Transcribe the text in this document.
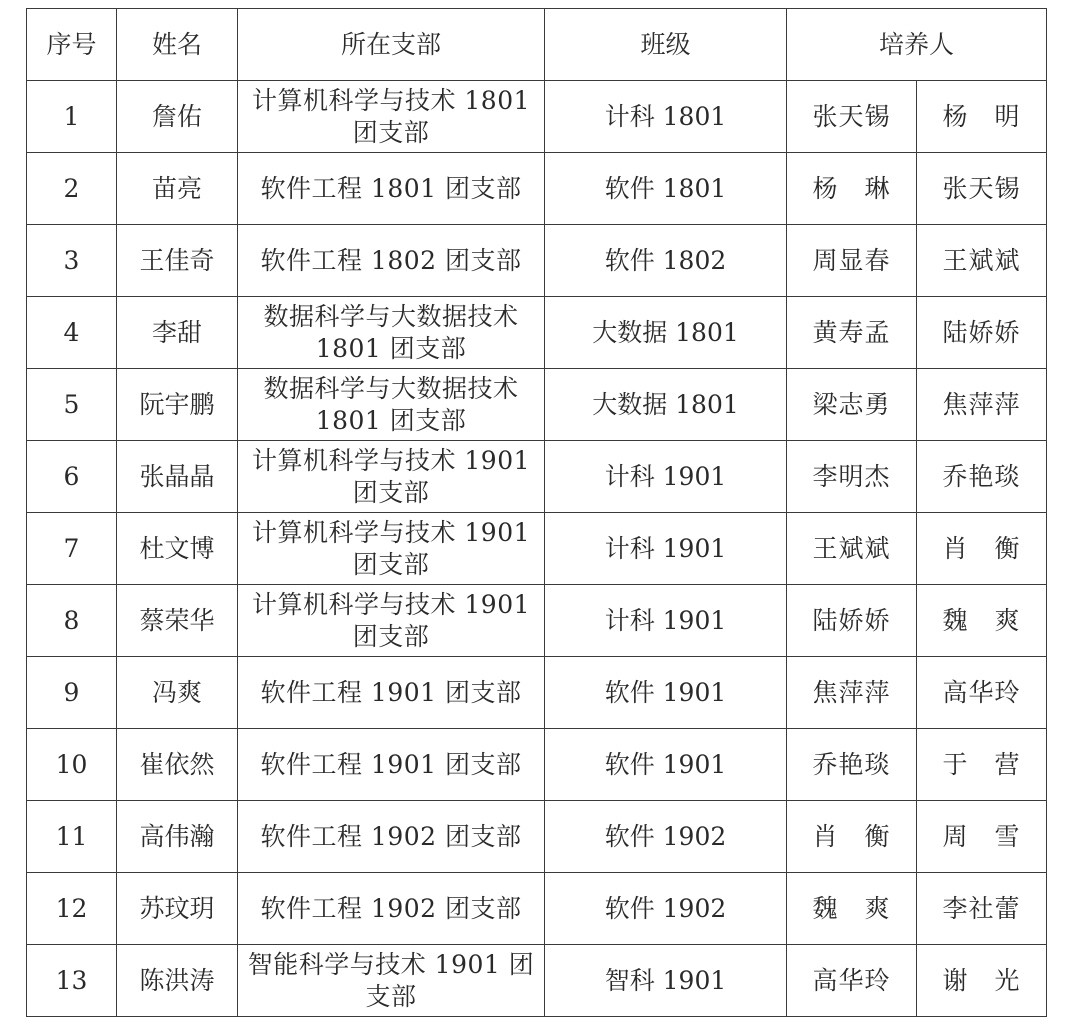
序号	姓名	所在支部	班级	培养人	
1	詹佑	计算机科学与技术 1801 团支部	计科 1801	张天锡	杨　明
2	苗亮	软件工程 1801 团支部	软件 1801	杨　琳	张天锡
3	王佳奇	软件工程 1802 团支部	软件 1802	周显春	王斌斌
4	李甜	数据科学与大数据技术 1801 团支部	大数据 1801	黄寿孟	陆娇娇
5	阮宇鹏	数据科学与大数据技术 1801 团支部	大数据 1801	梁志勇	焦萍萍
6	张晶晶	计算机科学与技术 1901 团支部	计科 1901	李明杰	乔艳琰
7	杜文博	计算机科学与技术 1901 团支部	计科 1901	王斌斌	肖　衡
8	蔡荣华	计算机科学与技术 1901 团支部	计科 1901	陆娇娇	魏　爽
9	冯爽	软件工程 1901 团支部	软件 1901	焦萍萍	高华玲
10	崔依然	软件工程 1901 团支部	软件 1901	乔艳琰	于　营
11	高伟瀚	软件工程 1902 团支部	软件 1902	肖　衡	周　雪
12	苏玟玥	软件工程 1902 团支部	软件 1902	魏　爽	李社蕾
13	陈洪涛	智能科学与技术 1901 团支部	智科 1901	高华玲	谢　光
